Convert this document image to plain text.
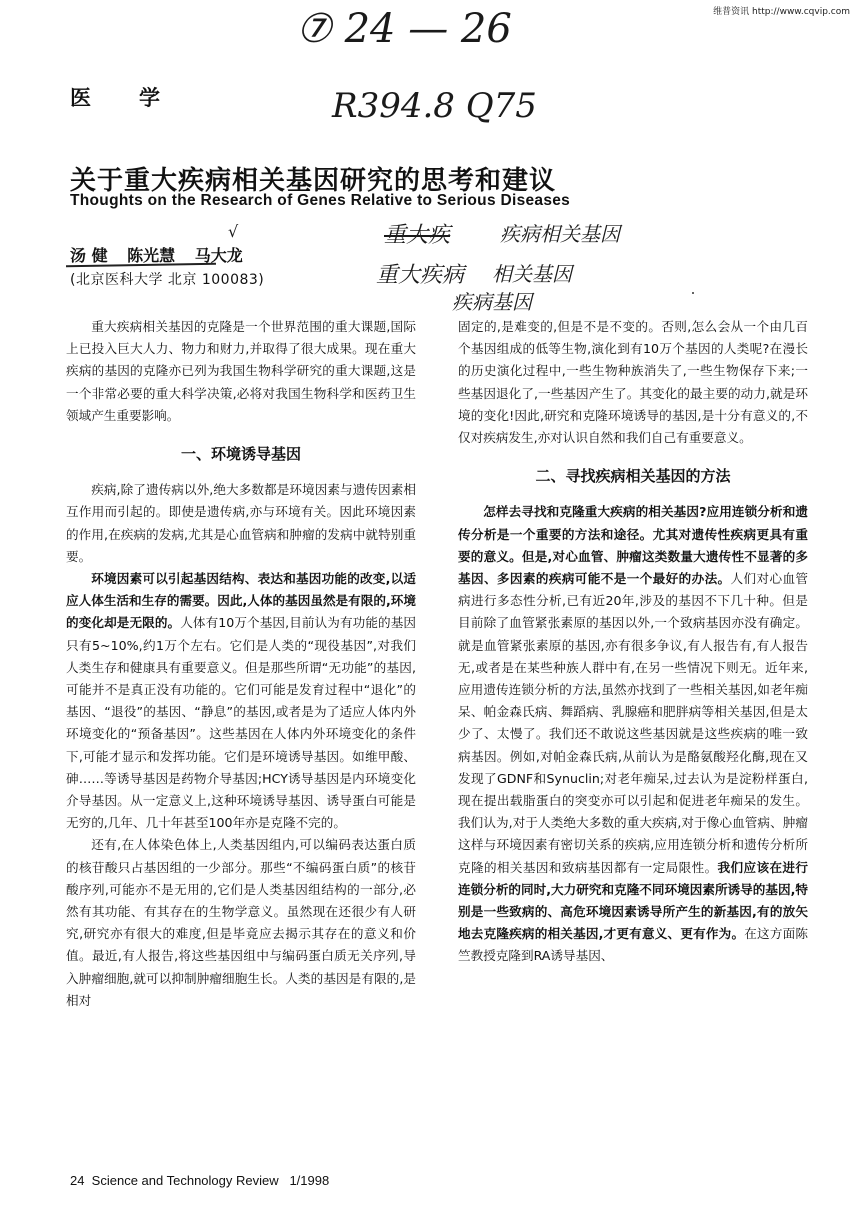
维普资讯 http://www.cqvip.com
⑦ 24 — 26
R394.8 Q75
√	重大疾 疾病相关基因
重大疾病 相关基因
疾病基因
医学
关于重大疾病相关基因研究的思考和建议
Thoughts on the Research of Genes Relative to Serious Diseases
汤 健 陈光慧 马大龙
(北京医科大学 北京 100083)

重大疾病相关基因的克隆是一个世界范围的重大课题,国际上已投入巨大人力、物力和财力,并取得了很大成果。现在重大疾病的基因的克隆亦已列为我国生物科学研究的重大课题,这是一个非常必要的重大科学决策,必将对我国生物科学和医药卫生领域产生重要影响。

一、环境诱导基因

疾病,除了遗传病以外,绝大多数都是环境因素与遗传因素相互作用而引起的。即使是遗传病,亦与环境有关。因此环境因素的作用,在疾病的发病,尤其是心血管病和肿瘤的发病中就特别重要。

环境因素可以引起基因结构、表达和基因功能的改变,以适应人体生活和生存的需要。因此,人体的基因虽然是有限的,环境的变化却是无限的。人体有10万个基因,目前认为有功能的基因只有5~10%,约1万个左右。它们是人类的“现役基因”,对我们人类生存和健康具有重要意义。但是那些所谓“无功能”的基因,可能并不是真正没有功能的。它们可能是发育过程中“退化”的基因、“退役”的基因、“静息”的基因,或者是为了适应人体内外环境变化的“预备基因”。这些基因在人体内外环境变化的条件下,可能才显示和发挥功能。它们是环境诱导基因。如维甲酸、砷……等诱导基因是药物介导基因;HCY诱导基因是内环境变化介导基因。从一定意义上,这种环境诱导基因、诱导蛋白可能是无穷的,几年、几十年甚至100年亦是克隆不完的。

还有,在人体染色体上,人类基因组内,可以编码表达蛋白质的核苷酸只占基因组的一少部分。那些“不编码蛋白质”的核苷酸序列,可能亦不是无用的,它们是人类基因组结构的一部分,必然有其功能、有其存在的生物学意义。虽然现在还很少有人研究,研究亦有很大的难度,但是毕竟应去揭示其存在的意义和价值。最近,有人报告,将这些基因组中与编码蛋白质无关序列,导入肿瘤细胞,就可以抑制肿瘤细胞生长。人类的基因是有限的,是相对

固定的,是难变的,但是不是不变的。否则,怎么会从一个由几百个基因组成的低等生物,演化到有10万个基因的人类呢?在漫长的历史演化过程中,一些生物种族消失了,一些生物保存下来;一些基因退化了,一些基因产生了。其变化的最主要的动力,就是环境的变化!因此,研究和克隆环境诱导的基因,是十分有意义的,不仅对疾病发生,亦对认识自然和我们自己有重要意义。

二、寻找疾病相关基因的方法

怎样去寻找和克隆重大疾病的相关基因?应用连锁分析和遗传分析是一个重要的方法和途径。尤其对遗传性疾病更具有重要的意义。但是,对心血管、肿瘤这类数量大遗传性不显著的多基因、多因素的疾病可能不是一个最好的办法。人们对心血管病进行多态性分析,已有近20年,涉及的基因不下几十种。但是目前除了血管紧张素原的基因以外,一个致病基因亦没有确定。就是血管紧张素原的基因,亦有很多争议,有人报告有,有人报告无,或者是在某些种族人群中有,在另一些情况下则无。近年来,应用遗传连锁分析的方法,虽然亦找到了一些相关基因,如老年痴呆、帕金森氏病、舞蹈病、乳腺癌和肥胖病等相关基因,但是太少了、太慢了。我们还不敢说这些基因就是这些疾病的唯一致病基因。例如,对帕金森氏病,从前认为是酪氨酸羟化酶,现在又发现了GDNF和Synuclin;对老年痴呆,过去认为是淀粉样蛋白,现在提出载脂蛋白的突变亦可以引起和促进老年痴呆的发生。我们认为,对于人类绝大多数的重大疾病,对于像心血管病、肿瘤这样与环境因素有密切关系的疾病,应用连锁分析和遗传分析所克隆的相关基因和致病基因都有一定局限性。我们应该在进行连锁分析的同时,大力研究和克隆不同环境因素所诱导的基因,特别是一些致病的、高危环境因素诱导所产生的新基因,有的放矢地去克隆疾病的相关基因,才更有意义、更有作为。在这方面陈竺教授克隆到RA诱导基因、

24  Science and Technology Review   1/1998
